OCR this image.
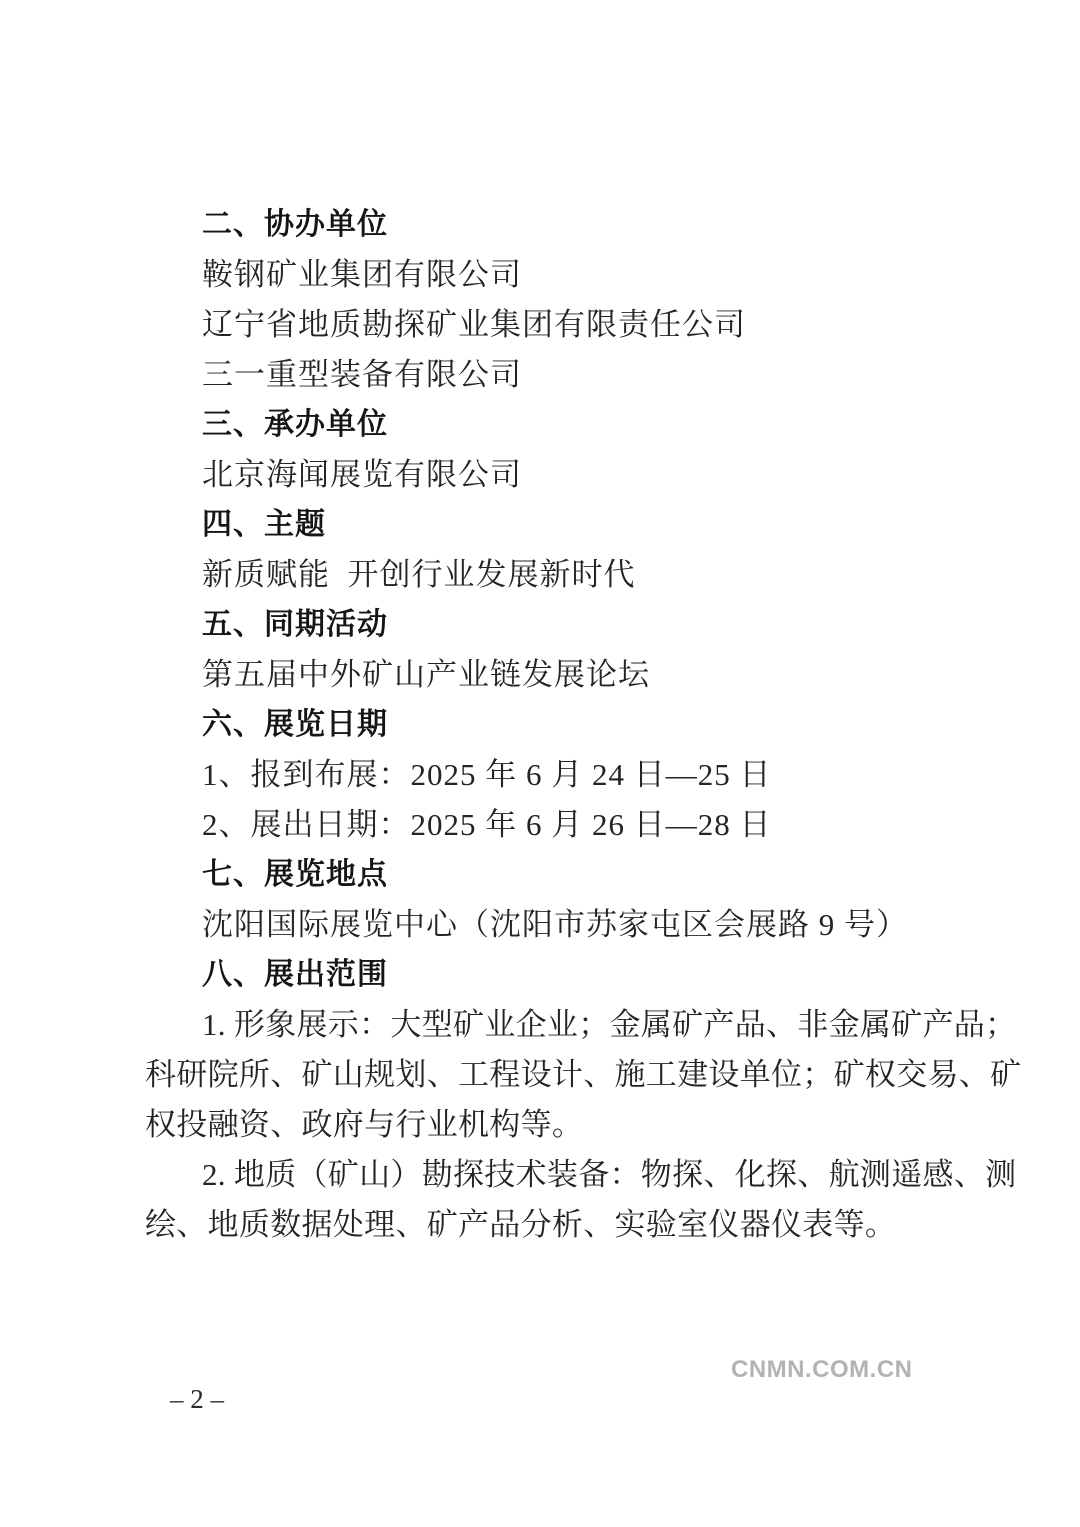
二、协办单位
鞍钢矿业集团有限公司
辽宁省地质勘探矿业集团有限责任公司
三一重型装备有限公司
三、承办单位
北京海闻展览有限公司
四、主题
新质赋能  开创行业发展新时代
五、同期活动
第五届中外矿山产业链发展论坛
六、展览日期
1、报到布展：2025 年 6 月 24 日—25 日
2、展出日期：2025 年 6 月 26 日—28 日
七、展览地点
沈阳国际展览中心（沈阳市苏家屯区会展路 9 号）
八、展出范围
1. 形象展示：大型矿业企业；金属矿产品、非金属矿产品；
科研院所、矿山规划、工程设计、施工建设单位；矿权交易、矿
权投融资、政府与行业机构等。
2. 地质（矿山）勘探技术装备：物探、化探、航测遥感、测
绘、地质数据处理、矿产品分析、实验室仪器仪表等。
CNMN.COM.CN
– 2 –
